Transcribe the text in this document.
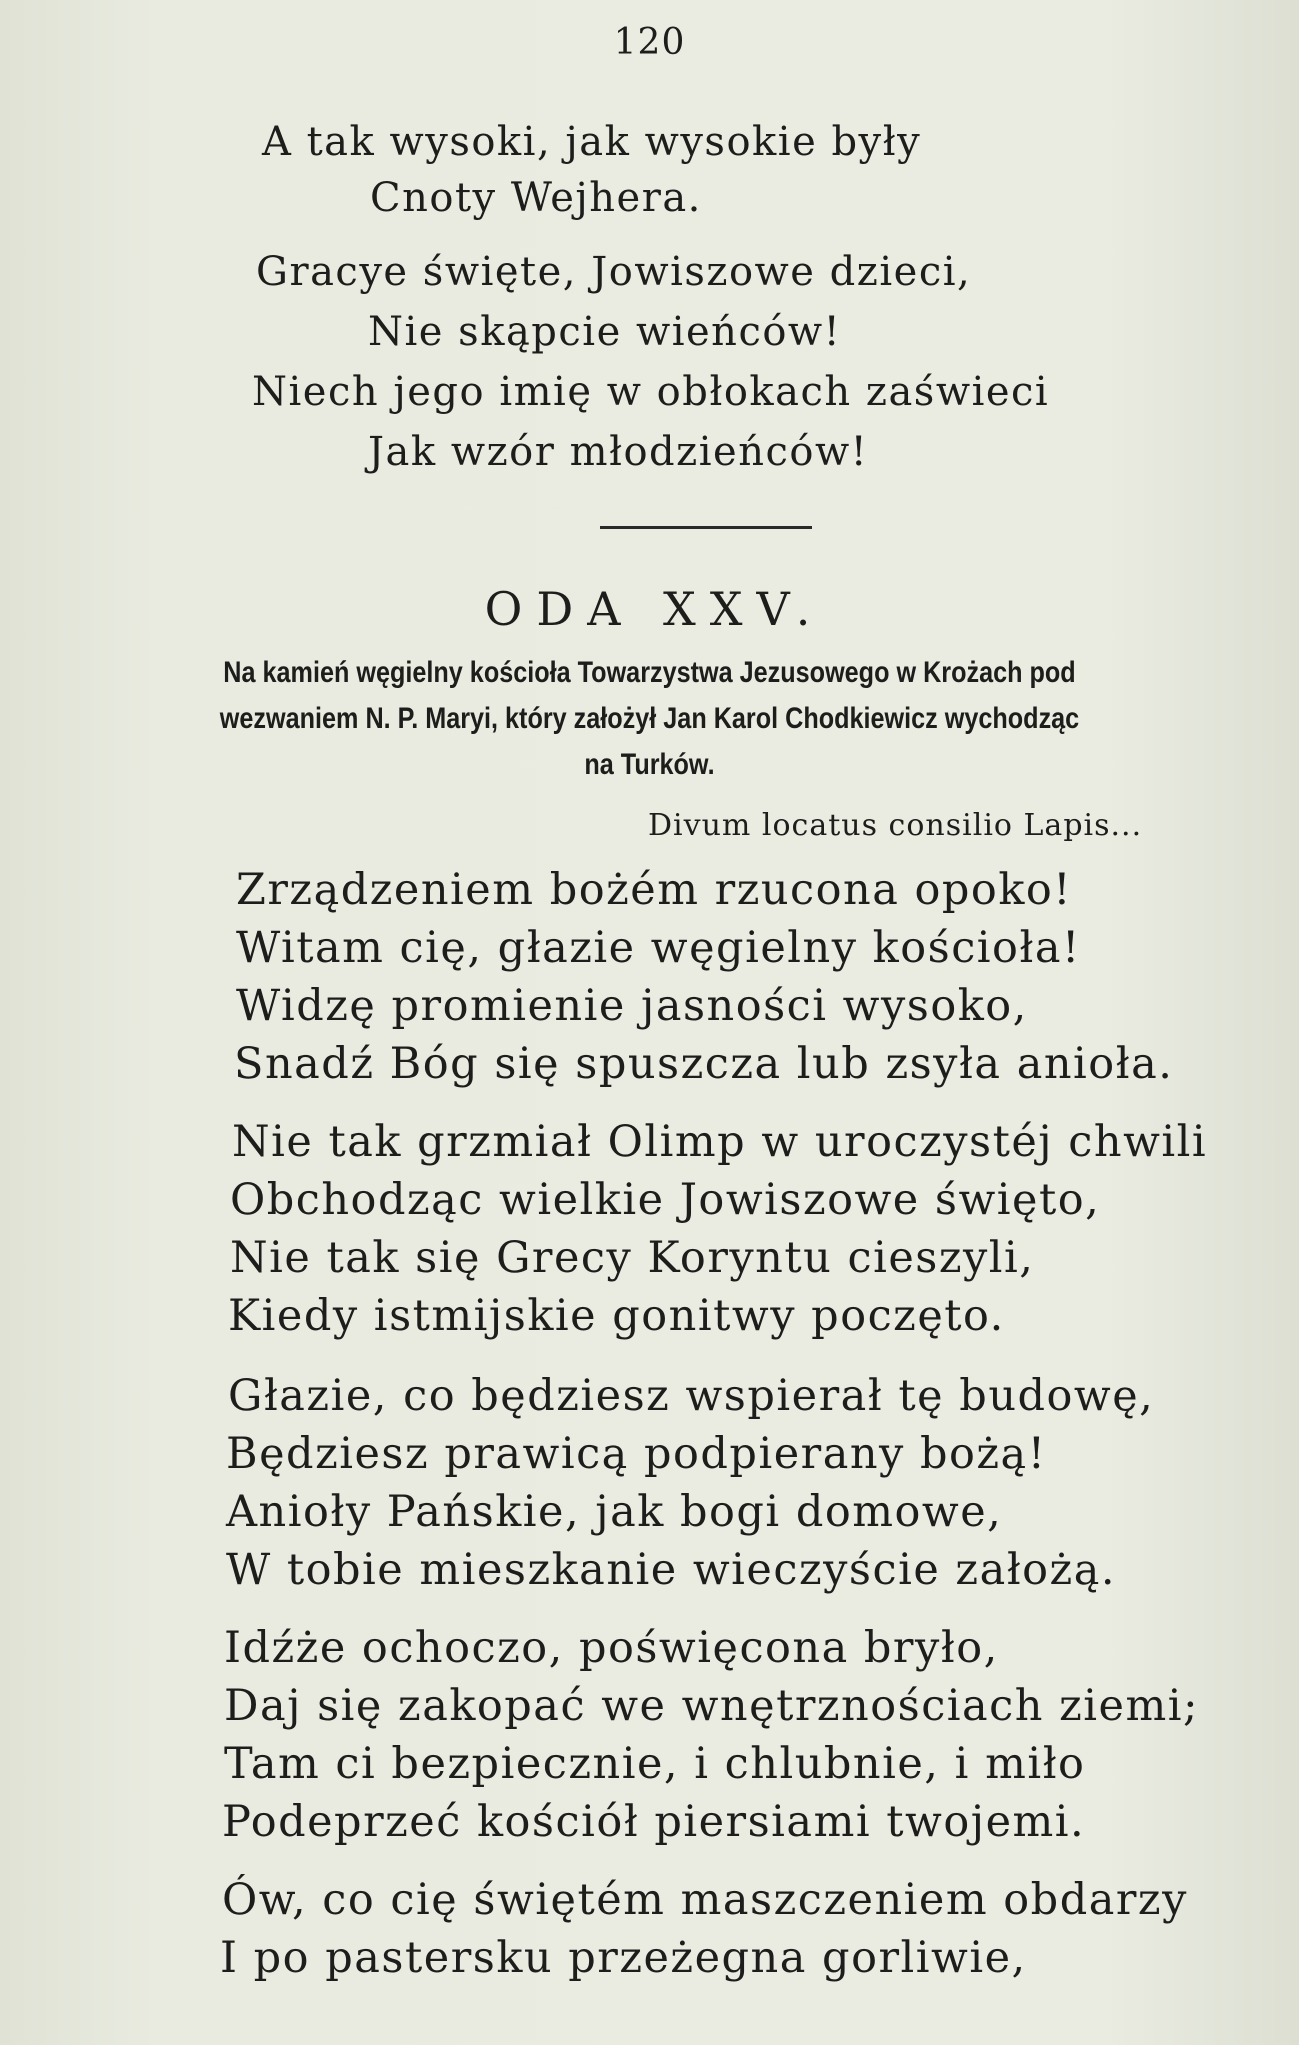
120
A tak wysoki, jak wysokie były
Cnoty Wejhera.
Gracye święte, Jowiszowe dzieci,
Nie skąpcie wieńców!
Niech jego imię w obłokach zaświeci
Jak wzór młodzieńców!
ODA XXV.
Na kamień węgielny kościoła Towarzystwa Jezusowego w Krożach pod
wezwaniem N. P. Maryi, który założył Jan Karol Chodkiewicz wychodząc
na Turków.
Divum locatus consilio Lapis...
Zrządzeniem bożém rzucona opoko!
Witam cię, głazie węgielny kościoła!
Widzę promienie jasności wysoko,
Snadź Bóg się spuszcza lub zsyła anioła.
Nie tak grzmiał Olimp w uroczystéj chwili
Obchodząc wielkie Jowiszowe święto,
Nie tak się Grecy Koryntu cieszyli,
Kiedy istmijskie gonitwy poczęto.
Głazie, co będziesz wspierał tę budowę,
Będziesz prawicą podpierany bożą!
Anioły Pańskie, jak bogi domowe,
W tobie mieszkanie wieczyście założą.
Idźże ochoczo, poświęcona bryło,
Daj się zakopać we wnętrznościach ziemi;
Tam ci bezpiecznie, i chlubnie, i miło
Podeprzeć kościół piersiami twojemi.
Ów, co cię świętém maszczeniem obdarzy
I po pastersku przeżegna gorliwie,
